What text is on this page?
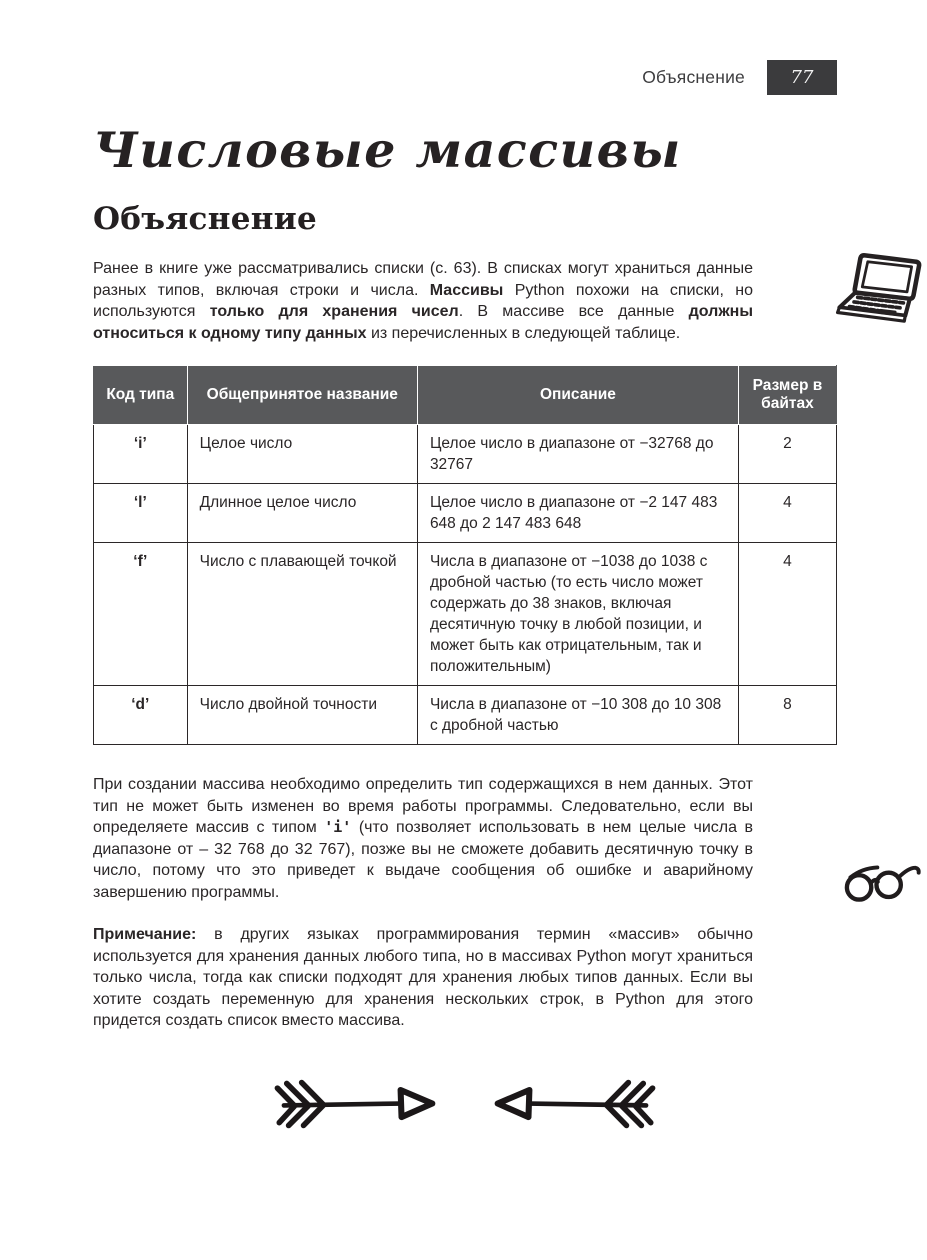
Объяснение	77
Числовые массивы
Объяснение

Ранее в книге уже рассматривались списки (с. 63). В списках могут храниться данные разных типов, включая строки и числа. Массивы Python похожи на списки, но используются только для хранения чисел. В массиве все данные должны относиться к одному типу данных из перечисленных в следующей таблице.

Код типа	Общепринятое название	Описание	Размер в байтах
‘i’	Целое число	Целое число в диапазоне от −32768 до 32767	2
‘l’	Длинное целое число	Целое число в диапазоне от −2 147 483 648 до 2 147 483 648	4
‘f’	Число с плавающей точкой	Числа в диапазоне от −1038 до 1038 с дробной частью (то есть число может содержать до 38 знаков, включая десятичную точку в любой позиции, и может быть как отрицательным, так и положительным)	4
‘d’	Число двойной точности	Числа в диапазоне от −10 308 до 10 308 с дробной частью	8

При создании массива необходимо определить тип содержащихся в нем данных. Этот тип не может быть изменен во время работы программы. Следовательно, если вы определяете массив с типом 'i' (что позволяет использовать в нем целые числа в диапазоне от – 32 768 до 32 767), позже вы не сможете добавить десятичную точку в число, потому что это приведет к выдаче сообщения об ошибке и аварийному завершению программы.

Примечание: в других языках программирования термин «массив» обычно используется для хранения данных любого типа, но в массивах Python могут храниться только числа, тогда как списки подходят для хранения любых типов данных. Если вы хотите создать переменную для хранения нескольких строк, в Python для этого придется создать список вместо массива.
